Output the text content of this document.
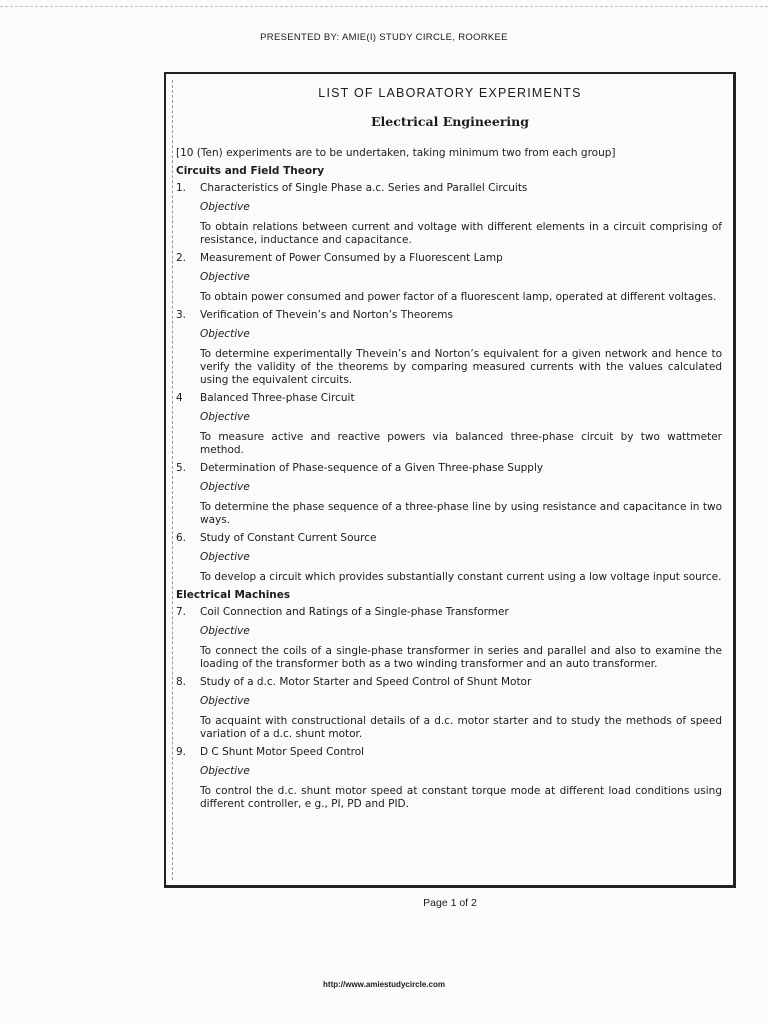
PRESENTED BY: AMIE(I) STUDY CIRCLE, ROORKEE
LIST OF LABORATORY EXPERIMENTS
Electrical Engineering
[10 (Ten) experiments are to be undertaken, taking minimum two from each group]
Circuits and Field Theory
1.	Characteristics of Single Phase a.c. Series and Parallel Circuits
Objective
To obtain relations between current and voltage with different elements in a circuit comprising of resistance, inductance and capacitance.
2.	Measurement of Power Consumed by a Fluorescent Lamp
Objective
To obtain power consumed and power factor of a fluorescent lamp, operated at different voltages.
3.	Verification of Thevein’s and Norton’s Theorems
Objective
To determine experimentally Thevein’s and Norton’s equivalent for a given network and hence to verify the validity of the theorems by comparing measured currents with the values calculated using the equivalent circuits.
4	Balanced Three-phase Circuit
Objective
To measure active and reactive powers via balanced three-phase circuit by two wattmeter method.
5.	Determination of Phase-sequence of a Given Three-phase Supply
Objective
To determine the phase sequence of a three-phase line by using resistance and capacitance in two ways.
6.	Study of Constant Current Source
Objective
To develop a circuit which provides substantially constant current using a low voltage input source.
Electrical Machines
7.	Coil Connection and Ratings of a Single-phase Transformer
Objective
To connect the coils of a single-phase transformer in series and parallel and also to examine the loading of the transformer both as a two winding transformer and an auto transformer.
8.	Study of a d.c. Motor Starter and Speed Control of Shunt Motor
Objective
To acquaint with constructional details of a d.c. motor starter and to study the methods of speed variation of a d.c. shunt motor.
9.	D C Shunt Motor Speed Control
Objective
To control the d.c. shunt motor speed at constant torque mode at different load conditions using different controller, e g., PI, PD and PID.
Page 1 of 2
http://www.amiestudycircle.com
